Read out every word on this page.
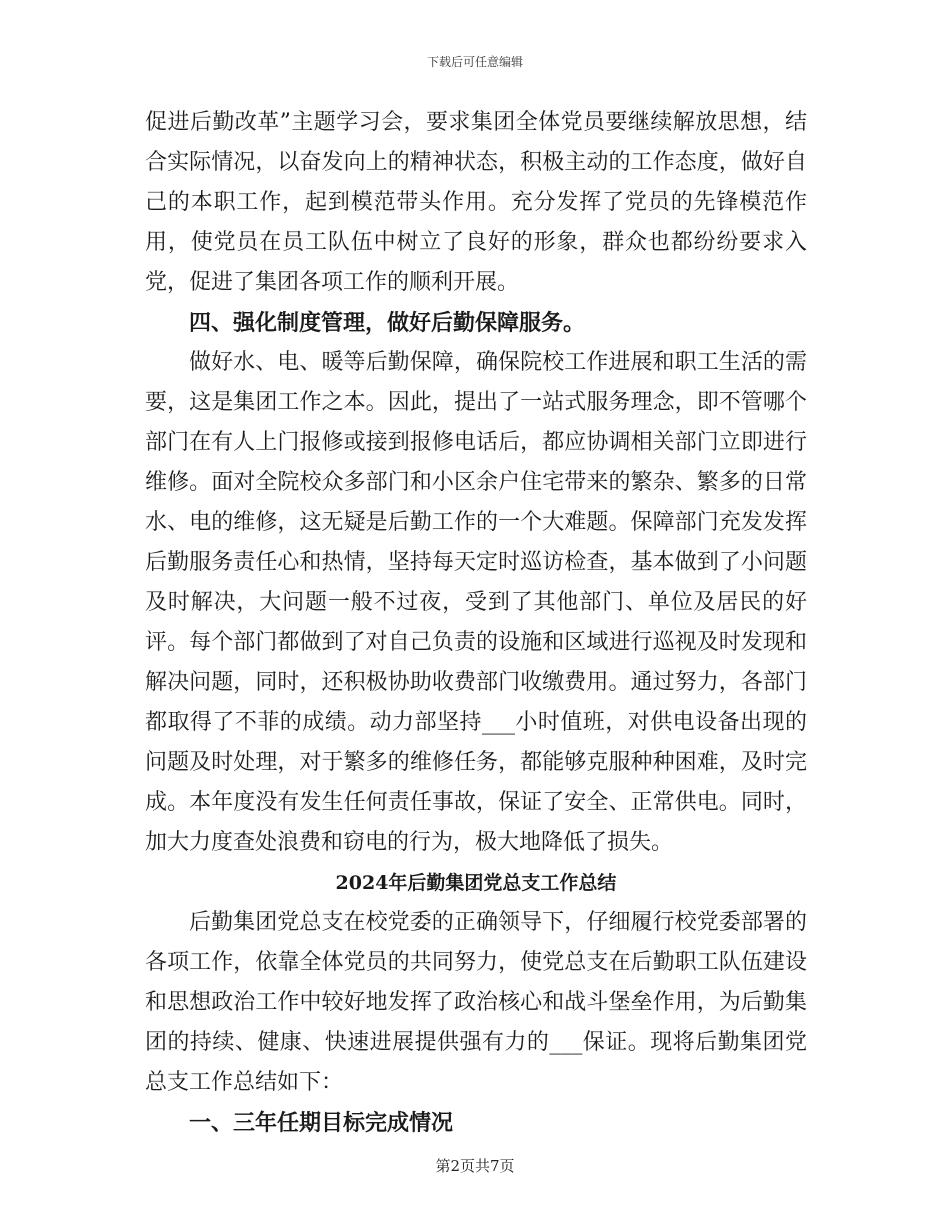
下载后可任意编辑

促进后勤改革”主题学习会，要求集团全体党员要继续解放思想，结合实际情况，以奋发向上的精神状态，积极主动的工作态度，做好自己的本职工作，起到模范带头作用。充分发挥了党员的先锋模范作用，使党员在员工队伍中树立了良好的形象，群众也都纷纷要求入党，促进了集团各项工作的顺利开展。

四、强化制度管理，做好后勤保障服务。

做好水、电、暖等后勤保障，确保院校工作进展和职工生活的需要，这是集团工作之本。因此，提出了一站式服务理念，即不管哪个部门在有人上门报修或接到报修电话后，都应协调相关部门立即进行维修。面对全院校众多部门和小区余户住宅带来的繁杂、繁多的日常水、电的维修，这无疑是后勤工作的一个大难题。保障部门充发发挥后勤服务责任心和热情，坚持每天定时巡访检查，基本做到了小问题及时解决，大问题一般不过夜，受到了其他部门、单位及居民的好评。每个部门都做到了对自己负责的设施和区域进行巡视及时发现和解决问题，同时，还积极协助收费部门收缴费用。通过努力，各部门都取得了不菲的成绩。动力部坚持___小时值班，对供电设备出现的问题及时处理，对于繁多的维修任务，都能够克服种种困难，及时完成。本年度没有发生任何责任事故，保证了安全、正常供电。同时，加大力度查处浪费和窃电的行为，极大地降低了损失。

2024年后勤集团党总支工作总结

后勤集团党总支在校党委的正确领导下，仔细履行校党委部署的各项工作，依靠全体党员的共同努力，使党总支在后勤职工队伍建设和思想政治工作中较好地发挥了政治核心和战斗堡垒作用，为后勤集团的持续、健康、快速进展提供强有力的___保证。现将后勤集团党总支工作总结如下：

一、三年任期目标完成情况

第2页共7页
